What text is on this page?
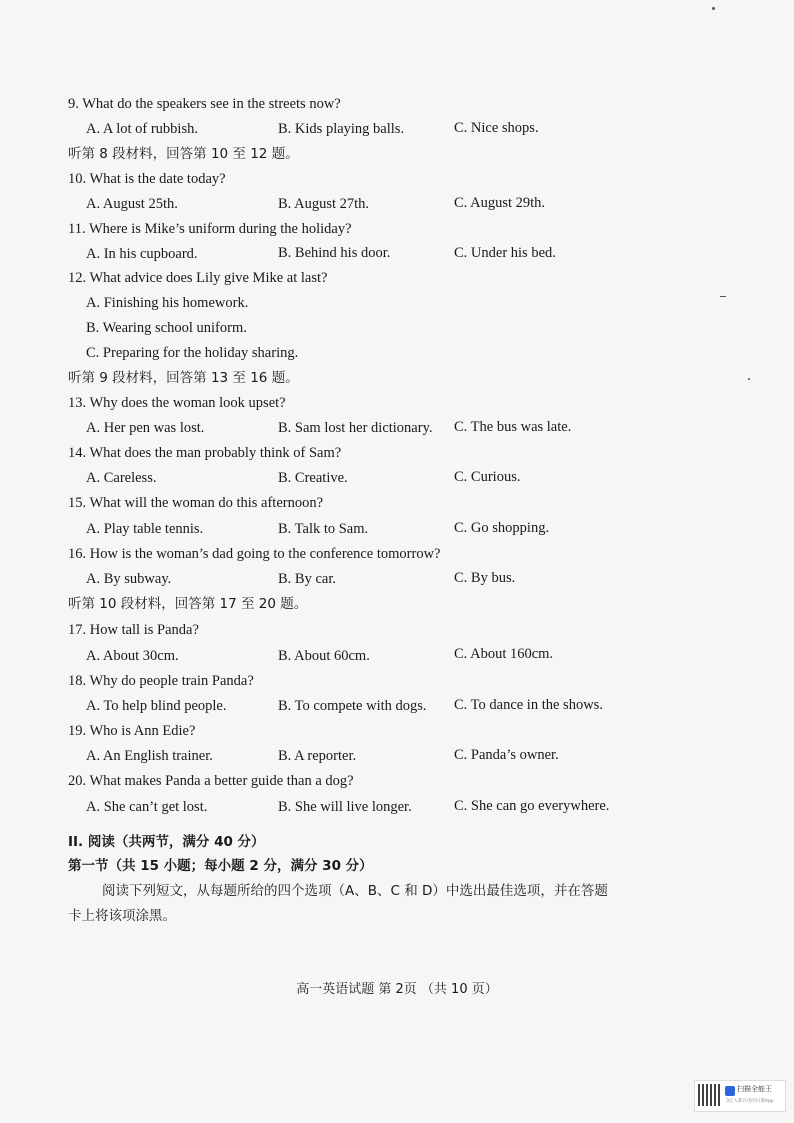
9. What do the speakers see in the streets now?
A. A lot of rubbish.	B. Kids playing balls.	C. Nice shops.
听第 8 段材料，回答第 10 至 12 题。
10. What is the date today?
A. August 25th.	B. August 27th.	C. August 29th.
11. Where is Mike’s uniform during the holiday?
A. In his cupboard.	B. Behind his door.	C. Under his bed.
12. What advice does Lily give Mike at last?
A. Finishing his homework.
B. Wearing school uniform.
C. Preparing for the holiday sharing.
听第 9 段材料，回答第 13 至 16 题。
13. Why does the woman look upset?
A. Her pen was lost.	B. Sam lost her dictionary. C. The bus was late.
14. What does the man probably think of Sam?
A. Careless.	B. Creative.	C. Curious.
15. What will the woman do this afternoon?
A. Play table tennis.	B. Talk to Sam.	C. Go shopping.
16. How is the woman’s dad going to the conference tomorrow?
A. By subway.	B. By car.	C. By bus.
听第 10 段材料，回答第 17 至 20 题。
17. How tall is Panda?
A. About 30cm.	B. About 60cm.	C. About 160cm.
18. Why do people train Panda?
A. To help blind people.	B. To compete with dogs. C. To dance in the shows.
19. Who is Ann Edie?
A. An English trainer.	B. A reporter.	C. Panda’s owner.
20. What makes Panda a better guide than a dog?
A. She can’t get lost.	B. She will live longer.	C. She can go everywhere.
II. 阅读（共两节，满分 40 分）
第一节（共 15 小题；每小题 2 分，满分 30 分）
阅读下列短文，从每题所给的四个选项（A、B、C 和 D）中选出最佳选项，并在答题
卡上将该项涂黑。
高一英语试题 第 2页 （共 10 页）
扫描全能王
3亿人都在用的扫描App
